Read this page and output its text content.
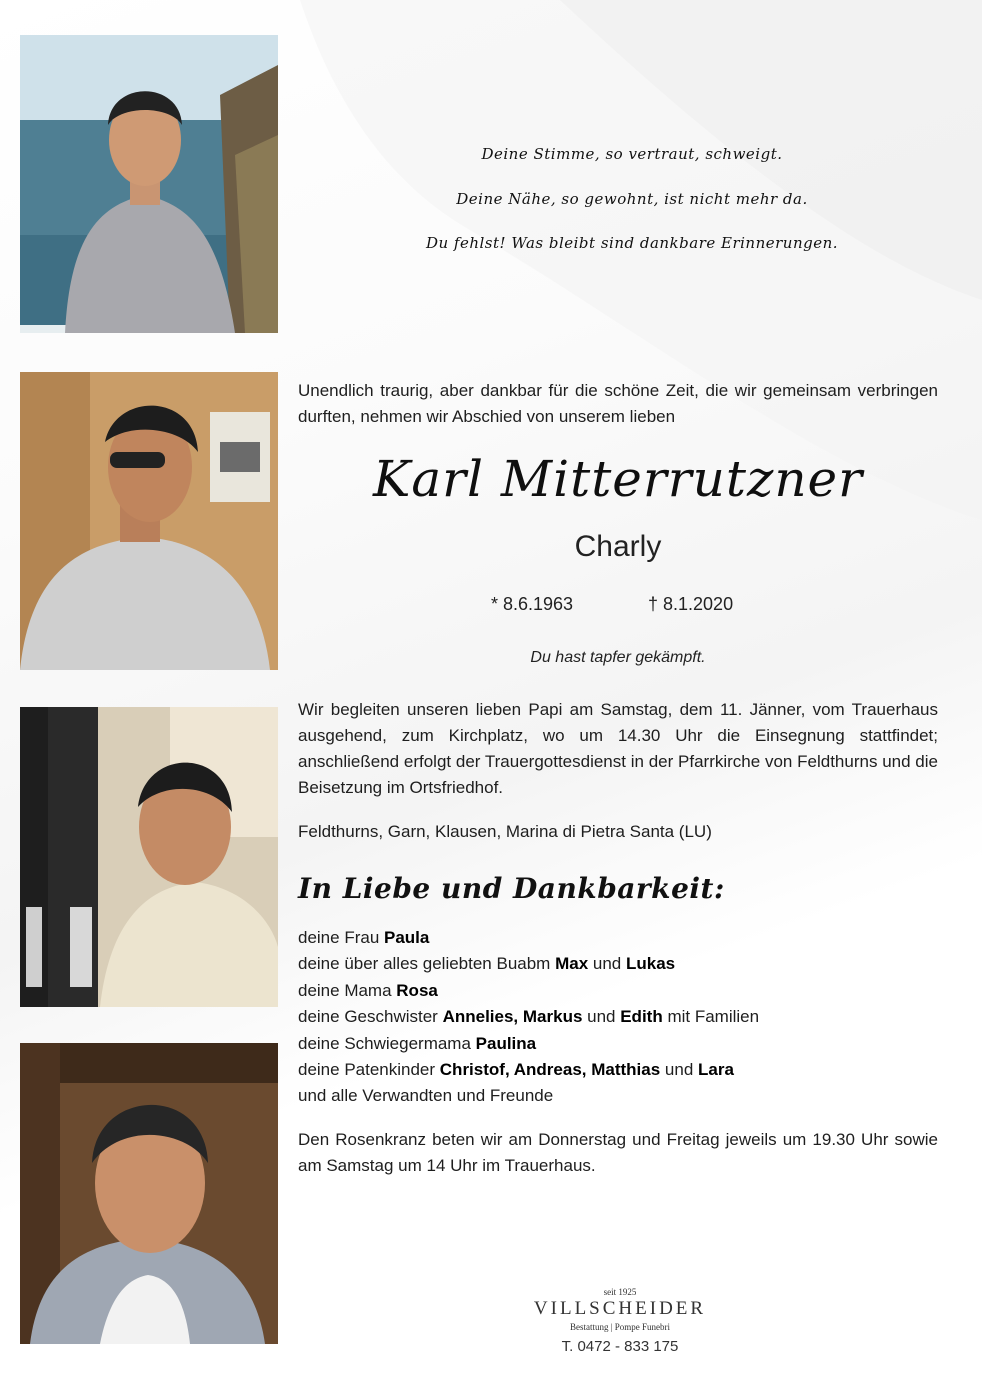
Deine Stimme, so vertraut, schweigt.
Deine Nähe, so gewohnt, ist nicht mehr da.
Du fehlst! Was bleibt sind dankbare Erinnerungen.
Unendlich traurig, aber dankbar für die schöne Zeit, die wir gemeinsam verbringen durften, nehmen wir Abschied von unserem lieben
Karl Mitterrutzner
Charly
* 8.6.1963	† 8.1.2020
Du hast tapfer gekämpft.
Wir begleiten unseren lieben Papi am Samstag, dem 11. Jänner, vom Trauerhaus ausgehend, zum Kirchplatz, wo um 14.30 Uhr die Einsegnung stattfindet; anschließend erfolgt der Trauergottesdienst in der Pfarrkirche von Feldthurns und die Beisetzung im Ortsfriedhof.
Feldthurns, Garn, Klausen, Marina di Pietra Santa (LU)
In Liebe und Dankbarkeit:
deine Frau Paula
deine über alles geliebten Buabm Max und Lukas
deine Mama Rosa
deine Geschwister Annelies, Markus und Edith mit Familien
deine Schwiegermama Paulina
deine Patenkinder Christof, Andreas, Matthias und Lara
und alle Verwandten und Freunde
Den Rosenkranz beten wir am Donnerstag und Freitag jeweils um 19.30 Uhr sowie am Samstag um 14 Uhr im Trauerhaus.
seit 1925
VILLSCHEIDER
Bestattung | Pompe Funebri
T. 0472 - 833 175
